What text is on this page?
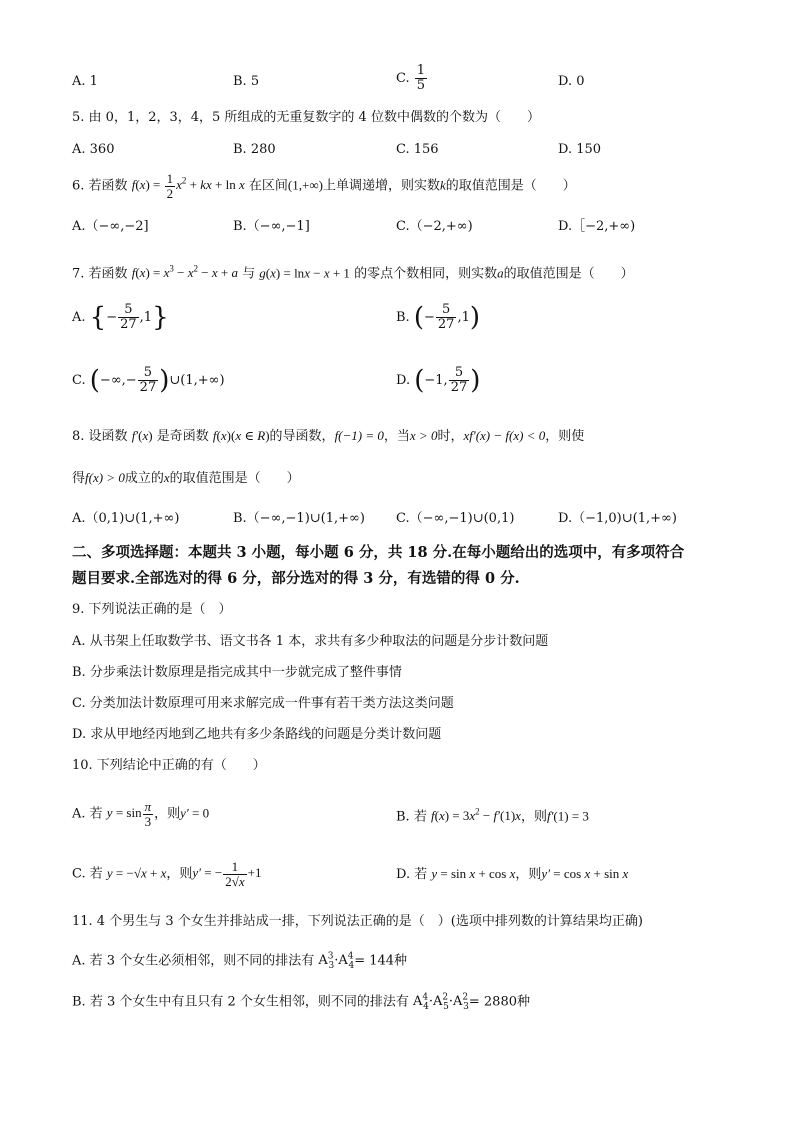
A. 1	B. 5	C. $\frac{1}{5}$	D. 0
5. 由 0，1，2，3，4，5 所组成的无重复数字的 4 位数中偶数的个数为（　　）
A. 360	B. 280	C. 156	D. 150
6. 若函数 $f(x) = \frac{1}{2} x^2$ + kx + ln x 在区间(1,+∞)上单调递增，则实数k的取值范围是（　　）
A.（−∞,−2]	B.（−∞,−1]	C.（−2,+∞)	D.［−2,+∞)
7. 若函数 $f(x) = x^3 - x^2 - x + a$ 与 g(x) = lnx − x + 1 的零点个数相同，则实数a的取值范围是（　　）
A. {− $\frac{5}{27} ,1$}	B. (− $\frac{5}{27} ,1$)
C. (−∞,− $\frac{5}{27}$ )∪(1,+∞)	D. (−1, $\frac{5}{27}$ )
8. 设函数 f′(x) 是奇函数 f(x)(x ∈ R)的导函数，f(−1) = 0，当x > 0时，xf′(x) − f(x) < 0，则使
得f(x) > 0成立的x的取值范围是（　　）
A.（0,1)∪(1,+∞)	B.（−∞,−1)∪(1,+∞) C.（−∞,−1)∪(0,1)	D.（−1,0)∪(1,+∞)
二、多项选择题：本题共 3 小题，每小题 6 分，共 18 分.在每小题给出的选项中，有多项符合
题目要求.全部选对的得 6 分，部分选对的得 3 分，有选错的得 0 分.
9. 下列说法正确的是（　）
A. 从书架上任取数学书、语文书各 1 本，求共有多少种取法的问题是分步计数问题
B. 分步乘法计数原理是指完成其中一步就完成了整件事情
C. 分类加法计数原理可用来求解完成一件事有若干类方法这类问题
D. 求从甲地经丙地到乙地共有多少条路线的问题是分类计数问题
10. 下列结论中正确的有（　　）
A. 若 $y = \sin \frac{\pi}{3}$ ，则y′ = 0	B. 若 $f(x) = 3x^2 - f'(1)x$，则f′(1) = 3
C. 若 y = −√x + x，则y′ = − $\frac{1}{2√x} +1$	D. 若 y = sin x + cos x，则y′ = cos x + sin x
11. 4 个男生与 3 个女生并排站成一排，下列说法正确的是（　）(选项中排列数的计算结果均正确)
A. 若 3 个女生必须相邻，则不同的排法有 $A^3_3\cdot A^4_4= 144$种
B. 若 3 个女生中有且只有 2 个女生相邻，则不同的排法有 $A^4_4\cdot A^2_5\cdot A^2_3= 2880$种
